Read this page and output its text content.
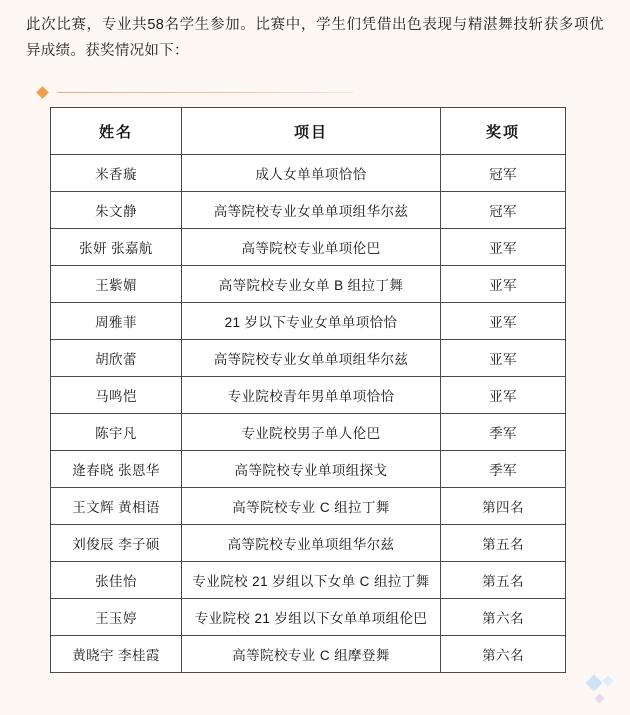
此次比赛，专业共58名学生参加。比赛中，学生们凭借出色表现与精湛舞技斩获多项优异成绩。获奖情况如下：

姓名	项目	奖项
米香璇	成人女单单项恰恰	冠军
朱文静	高等院校专业女单单项组华尔兹	冠军
张妍 张嘉航	高等院校专业单项伦巴	亚军
王紫媚	高等院校专业女单 B 组拉丁舞	亚军
周雅菲	21 岁以下专业女单单项恰恰	亚军
胡欣蕾	高等院校专业女单单项组华尔兹	亚军
马鸣恺	专业院校青年男单单项恰恰	亚军
陈宇凡	专业院校男子单人伦巴	季军
逄春晓 张恩华	高等院校专业单项组探戈	季军
王文辉 黄相语	高等院校专业 C 组拉丁舞	第四名
刘俊辰 李子硕	高等院校专业单项组华尔兹	第五名
张佳怡	专业院校 21 岁组以下女单 C 组拉丁舞	第五名
王玉婷	专业院校 21 岁组以下女单单项组伦巴	第六名
黄晓宇 李桂霞	高等院校专业 C 组摩登舞	第六名
